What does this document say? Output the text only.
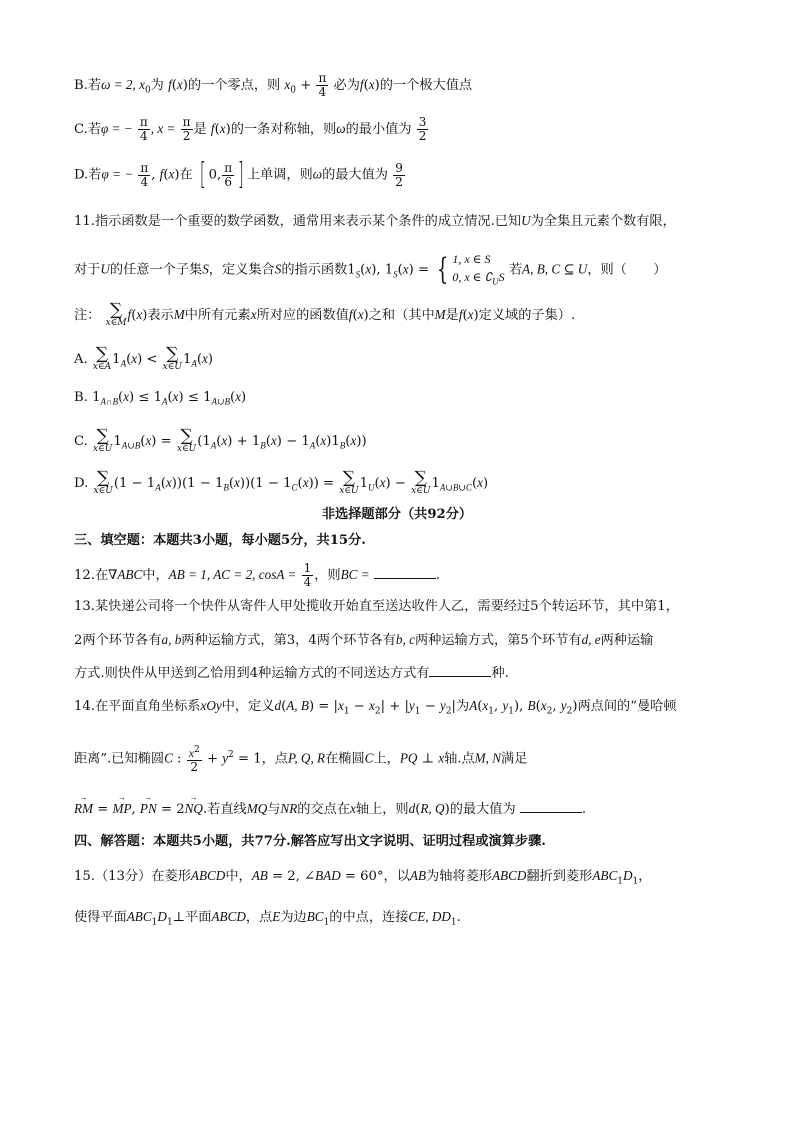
B.若ω = 2, $x_0$为 f(x)的一个零点，则 $x_0 + \frac{\pi}{4}$ 必为f(x)的一个极大值点
C.若φ = − $\frac{\pi}{4}$ , $x = \frac{\pi}{2}$ 是 f(x)的一条对称轴，则ω的最小值为 $\frac{3}{2}$
D.若φ = − $\frac{\pi}{4}$ , f(x)在 [ 0, $\frac{\pi}{6}$ ] 上单调，则ω的最大值为 $\frac{9}{2}$
11.指示函数是一个重要的数学函数，通常用来表示某个条件的成立情况.已知U为全集且元素个数有限，
对于U的任意一个子集S，定义集合S的指示函数$1_S(x)$, $1_S(x)$ = { 1, x ∈ S
0, x ∈ $∁_US$ 若A, B, C ⊆ U，则（　　）
注： ∑
x∈M
f(x)表示M中所有元素x所对应的函数值f(x)之和（其中M是f(x)定义域的子集）.
A. ∑
x∈A $1_A(x)$ < ∑
x∈U $1_A(x)$
B. $1_{A\cap B}(x) \le 1_A(x) \le 1_{A\cup B}(x)$
C. ∑
x∈U $1_{A\cup B}(x)$ = ∑
x∈U $(1_A(x) + 1_B(x) - 1_A(x)1_B(x))$
D. ∑
x∈U $(1 - 1_A(x))(1 - 1_B(x))(1 - 1_C(x))$ = ∑
x∈U $1_U(x)$ − ∑
x∈U $1_{A\cup B\cup C}(x)$
非选择题部分（共92分）
三、填空题：本题共3小题，每小题5分，共15分.
12.在∇ABC中，AB = 1, AC = 2, $\cos A = \frac{1}{4}$ ，则BC =	.
13.某快递公司将一个快件从寄件人甲处揽收开始直至送达收件人乙，需要经过5个转运环节，其中第1，
2两个环节各有a, b两种运输方式，第3，4两个环节各有b, c两种运输方式，第5个环节有d, e两种运输
方式.则快件从甲送到乙恰用到4种运输方式的不同送达方式有	种.
14.在平面直角坐标系xOy中，定义d(A, $B) = |x_1 - x_2| + |y_1 - y_2|$为$A(x_1$, $y_1$), $B(x_2$, $y_2$)两点间的“曼哈顿
距离”.已知椭圆C : $\frac{x^2}{2} + y^2 = 1$，点P, Q, R在椭圆C上，PQ ⊥ x轴.点M, N满足
→ RM = → MP, → PN = 2→ NQ.若直线MQ与NR的交点在x轴上，则d(R, Q)的最大值为	.
四、解答题：本题共5小题，共77分.解答应写出文字说明、证明过程或演算步骤.
15.（13分）在菱形ABCD中，AB = 2, ∠BAD = 60°，以AB为轴将菱形ABCD翻折到菱形$ABC_1D_1$，
使得平面$ABC_1D_1\perp$平面ABCD，点E为边$BC_1$的中点，连接CE, $DD_1$.
